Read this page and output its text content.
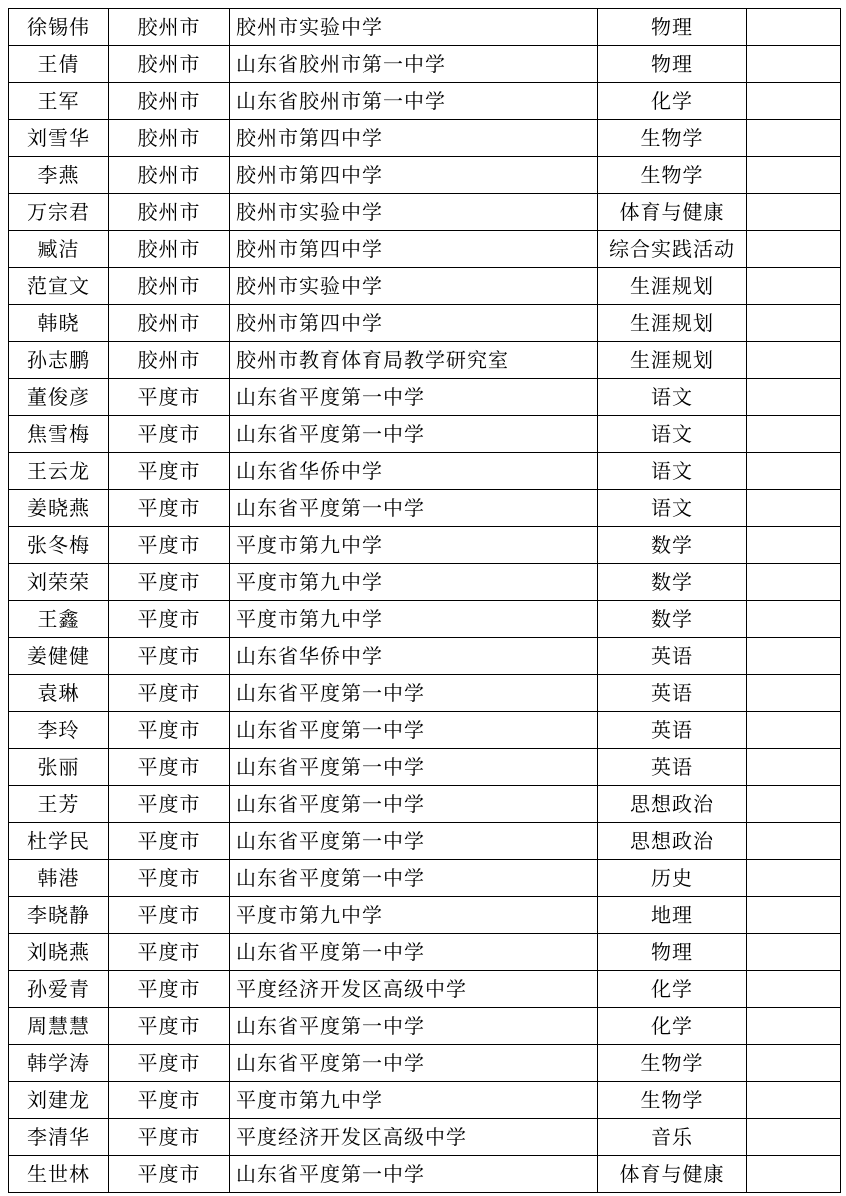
徐锡伟	胶州市	胶州市实验中学	物理	
王倩	胶州市	山东省胶州市第一中学	物理	
王军	胶州市	山东省胶州市第一中学	化学	
刘雪华	胶州市	胶州市第四中学	生物学	
李燕	胶州市	胶州市第四中学	生物学	
万宗君	胶州市	胶州市实验中学	体育与健康	
臧洁	胶州市	胶州市第四中学	综合实践活动	
范宣文	胶州市	胶州市实验中学	生涯规划	
韩晓	胶州市	胶州市第四中学	生涯规划	
孙志鹏	胶州市	胶州市教育体育局教学研究室	生涯规划	
董俊彦	平度市	山东省平度第一中学	语文	
焦雪梅	平度市	山东省平度第一中学	语文	
王云龙	平度市	山东省华侨中学	语文	
姜晓燕	平度市	山东省平度第一中学	语文	
张冬梅	平度市	平度市第九中学	数学	
刘荣荣	平度市	平度市第九中学	数学	
王鑫	平度市	平度市第九中学	数学	
姜健健	平度市	山东省华侨中学	英语	
袁琳	平度市	山东省平度第一中学	英语	
李玲	平度市	山东省平度第一中学	英语	
张丽	平度市	山东省平度第一中学	英语	
王芳	平度市	山东省平度第一中学	思想政治	
杜学民	平度市	山东省平度第一中学	思想政治	
韩港	平度市	山东省平度第一中学	历史	
李晓静	平度市	平度市第九中学	地理	
刘晓燕	平度市	山东省平度第一中学	物理	
孙爱青	平度市	平度经济开发区高级中学	化学	
周慧慧	平度市	山东省平度第一中学	化学	
韩学涛	平度市	山东省平度第一中学	生物学	
刘建龙	平度市	平度市第九中学	生物学	
李清华	平度市	平度经济开发区高级中学	音乐	
生世林	平度市	山东省平度第一中学	体育与健康	
